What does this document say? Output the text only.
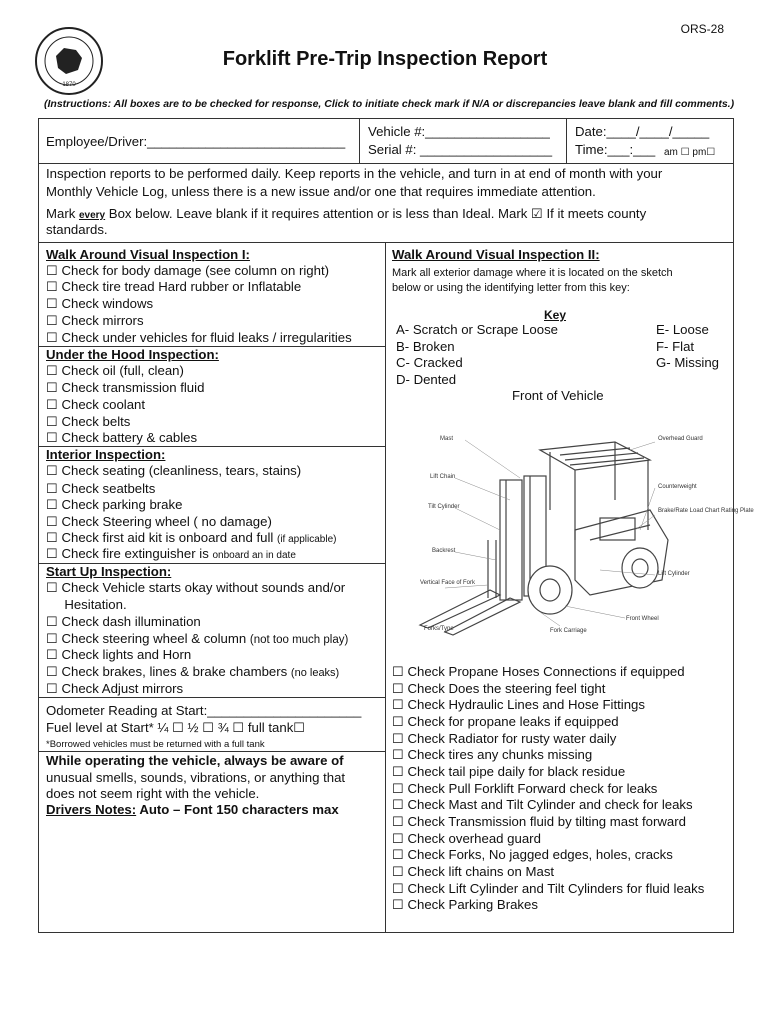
ORS-28
1870
Forklift Pre-Trip Inspection Report
(Instructions: All boxes are to be checked for response, Click to initiate check mark if N/A or discrepancies leave blank and fill comments.)
Employee/Driver:___________________________
Vehicle #:_________________
Serial #: __________________
Date:____/____/_____
Time:___:___ am ☐ pm☐
Inspection reports to be performed daily. Keep reports in the vehicle, and turn in at end of month with your
Monthly Vehicle Log, unless there is a new issue and/or one that requires immediate attention.
Mark every Box below. Leave blank if it requires attention or is less than Ideal. Mark ☑ If it meets county
standards.
Walk Around Visual Inspection I:
☐ Check for body damage (see column on right)
☐ Check tire tread Hard rubber or Inflatable
☐ Check windows
☐ Check mirrors
☐ Check under vehicles for fluid leaks / irregularities
Under the Hood Inspection:
☐ Check oil (full, clean)
☐ Check transmission fluid
☐ Check coolant
☐ Check belts
☐ Check battery & cables
Interior Inspection:
☐ Check seating (cleanliness, tears, stains)
☐ Check seatbelts
☐ Check parking brake
☐ Check Steering wheel ( no damage)
☐ Check first aid kit is onboard and full (if applicable)
☐ Check fire extinguisher is onboard an in date
Start Up Inspection:
☐ Check Vehicle starts okay without sounds and/or
Hesitation.
☐ Check dash illumination
☐ Check steering wheel & column (not too much play)
☐ Check lights and Horn
☐ Check brakes, lines & brake chambers (no leaks)
☐ Check Adjust mirrors
Odometer Reading at Start:_____________________
Fuel level at Start* ¼ ☐ ½ ☐ ¾ ☐ full tank☐
*Borrowed vehicles must be returned with a full tank
While operating the vehicle, always be aware of
unusual smells, sounds, vibrations, or anything that
does not seem right with the vehicle.
Drivers Notes: Auto – Font 150 characters max
Walk Around Visual Inspection II:
Mark all exterior damage where it is located on the sketch
below or using the identifying letter from this key:
Key
A- Scratch or Scrape Loose
B- Broken
C- Cracked
D- Dented
E- Loose
F- Flat
G- Missing
Front of Vehicle
Mast
Lift Chain
Tilt Cylinder
Backrest
Vertical Face of Fork
Forks/Tyne	Fork Carriage
Front Wheel
Overhead Guard
Counterweight
Brake/Rate Load Chart Rating Plate
Lift Cylinder
☐ Check Propane Hoses Connections if equipped
☐ Check Does the steering feel tight
☐ Check Hydraulic Lines and Hose Fittings
☐ Check for propane leaks if equipped
☐ Check Radiator for rusty water daily
☐ Check tires any chunks missing
☐ Check tail pipe daily for black residue
☐ Check Pull Forklift Forward check for leaks
☐ Check Mast and Tilt Cylinder and check for leaks
☐ Check Transmission fluid by tilting mast forward
☐ Check overhead guard
☐ Check Forks, No jagged edges, holes, cracks
☐ Check lift chains on Mast
☐ Check Lift Cylinder and Tilt Cylinders for fluid leaks
☐ Check Parking Brakes
